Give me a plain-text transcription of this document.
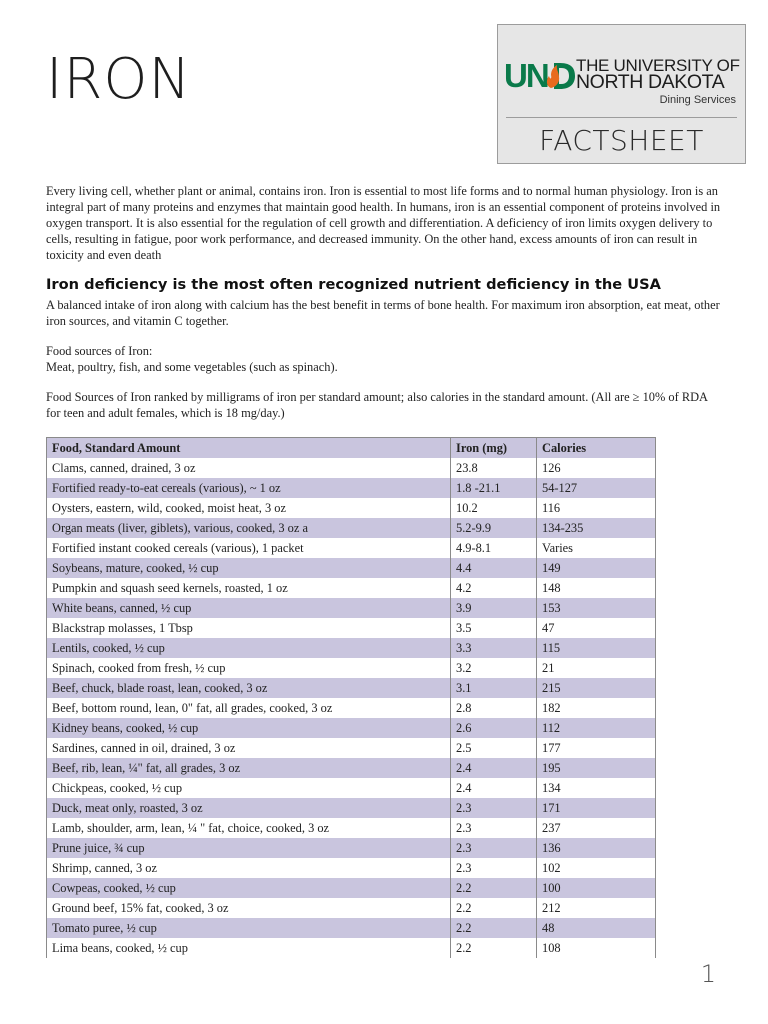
IRON	UN THE UNIVERSITY OF
NORTH DAKOTA
Dining Services
FACTSHEET

Every living cell, whether plant or animal, contains iron. Iron is essential to most life forms and to normal human physiology. Iron is an integral part of many proteins and enzymes that maintain good health. In humans, iron is an essential component of proteins involved in oxygen transport. It is also essential for the regulation of cell growth and differentiation. A deficiency of iron limits oxygen delivery to cells, resulting in fatigue, poor work performance, and decreased immunity. On the other hand, excess amounts of iron can result in toxicity and even death

Iron deficiency is the most often recognized nutrient deficiency in the USA

A balanced intake of iron along with calcium has the best benefit in terms of bone health. For maximum iron absorption, eat meat, other iron sources, and vitamin C together.

Food sources of Iron:
Meat, poultry, fish, and some vegetables (such as spinach).

Food Sources of Iron ranked by milligrams of iron per standard amount; also calories in the standard amount. (All are ≥ 10% of RDA for teen and adult females, which is 18 mg/day.)

Food, Standard Amount	Iron (mg)	Calories
Clams, canned, drained, 3 oz	23.8	126
Fortified ready-to-eat cereals (various), ~ 1 oz	1.8 -21.1	54-127
Oysters, eastern, wild, cooked, moist heat, 3 oz	10.2	116
Organ meats (liver, giblets), various, cooked, 3 oz a	5.2-9.9	134-235
Fortified instant cooked cereals (various), 1 packet	4.9-8.1	Varies
Soybeans, mature, cooked, ½ cup	4.4	149
Pumpkin and squash seed kernels, roasted, 1 oz	4.2	148
White beans, canned, ½ cup	3.9	153
Blackstrap molasses, 1 Tbsp	3.5	47
Lentils, cooked, ½ cup	3.3	115
Spinach, cooked from fresh, ½ cup	3.2	21
Beef, chuck, blade roast, lean, cooked, 3 oz	3.1	215
Beef, bottom round, lean, 0" fat, all grades, cooked, 3 oz	2.8	182
Kidney beans, cooked, ½ cup	2.6	112
Sardines, canned in oil, drained, 3 oz	2.5	177
Beef, rib, lean, ¼" fat, all grades, 3 oz	2.4	195
Chickpeas, cooked, ½ cup	2.4	134
Duck, meat only, roasted, 3 oz	2.3	171
Lamb, shoulder, arm, lean, ¼ " fat, choice, cooked, 3 oz	2.3	237
Prune juice, ¾ cup	2.3	136
Shrimp, canned, 3 oz	2.3	102
Cowpeas, cooked, ½ cup	2.2	100
Ground beef, 15% fat, cooked, 3 oz	2.2	212
Tomato puree, ½ cup	2.2	48
Lima beans, cooked, ½ cup	2.2	108
1
